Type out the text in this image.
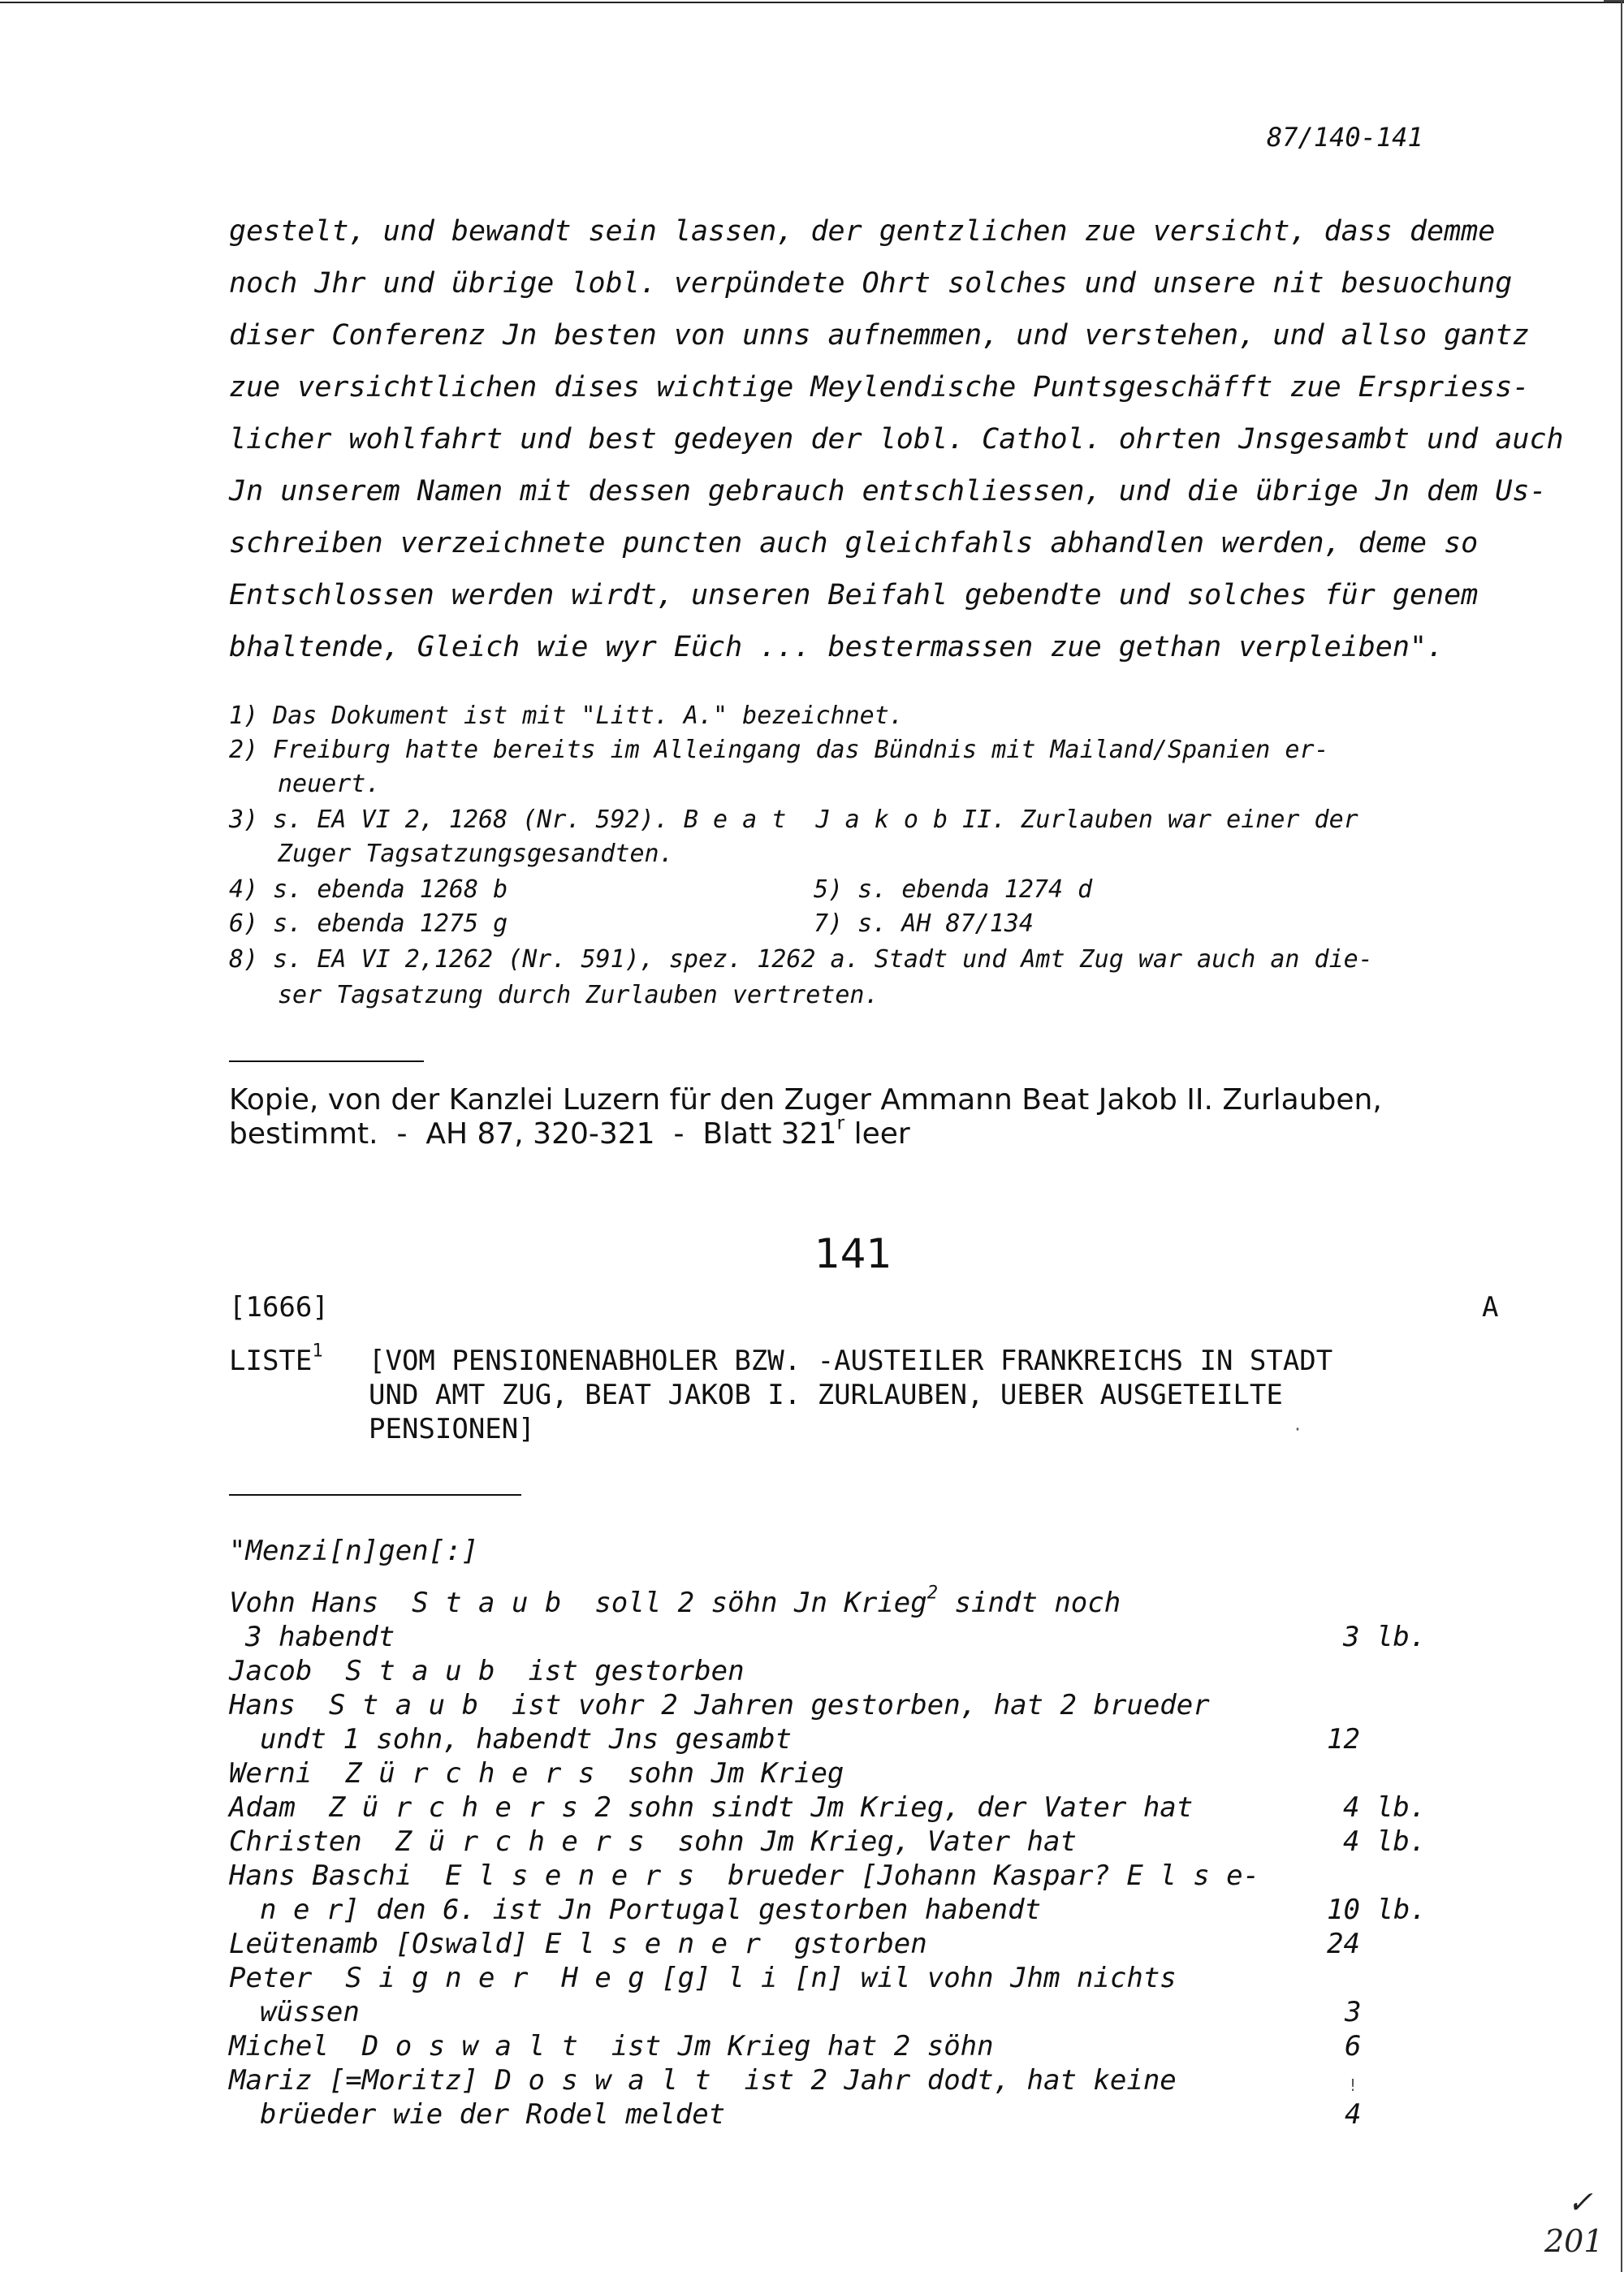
87/140-141
gestelt, und bewandt sein lassen, der gentzlichen zue versicht, dass demme
noch Jhr und übrige lobl. verpündete Ohrt solches und unsere nit besuochung
diser Conferenz Jn besten von unns aufnemmen, und verstehen, und allso gantz
zue versichtlichen dises wichtige Meylendische Puntsgeschäfft zue Erspriess-
licher wohlfahrt und best gedeyen der lobl. Cathol. ohrten Jnsgesambt und auch
Jn unserem Namen mit dessen gebrauch entschliessen, und die übrige Jn dem Us-
schreiben verzeichnete puncten auch gleichfahls abhandlen werden, deme so
Entschlossen werden wirdt, unseren Beifahl gebendte und solches für genem
bhaltende, Gleich wie wyr Eüch ... bestermassen zue gethan verpleiben".
1) Das Dokument ist mit "Litt. A." bezeichnet.
2) Freiburg hatte bereits im Alleingang das Bündnis mit Mailand/Spanien er-
neuert.
3) s. EA VI 2, 1268 (Nr. 592). B e a t  J a k o b II. Zurlauben war einer der
Zuger Tagsatzungsgesandten.
4) s. ebenda 1268 b	5) s. ebenda 1274 d
6) s. ebenda 1275 g	7) s. AH 87/134
8) s. EA VI 2,1262 (Nr. 591), spez. 1262 a. Stadt und Amt Zug war auch an die-
ser Tagsatzung durch Zurlauben vertreten.
Kopie, von der Kanzlei Luzern für den Zuger Ammann Beat Jakob II. Zurlauben,
bestimmt.  -  AH 87, 320-321  -  Blatt 321$^r$ leer
141
[1666]	A
LISTE$^1$ [VOM PENSIONENABHOLER BZW. -AUSTEILER FRANKREICHS IN STADT
UND AMT ZUG, BEAT JAKOB I. ZURLAUBEN, UEBER AUSGETEILTE
PENSIONEN]	·
"Menzi[n]gen[:]
Vohn Hans  S t a u b  soll 2 söhn Jn Krieg$^2$ sindt noch
3 habendt	3 lb.
Jacob  S t a u b  ist gestorben
Hans  S t a u b  ist vohr 2 Jahren gestorben, hat 2 brueder
undt 1 sohn, habendt Jns gesambt	12
Werni  Z ü r c h e r s  sohn Jm Krieg
Adam  Z ü r c h e r s 2 sohn sindt Jm Krieg, der Vater hat	4 lb.
Christen  Z ü r c h e r s  sohn Jm Krieg, Vater hat	4 lb.
Hans Baschi  E l s e n e r s  brueder [Johann Kaspar? E l s e-
n e r] den 6. ist Jn Portugal gestorben habendt	10 lb.
Leütenamb [Oswald] E l s e n e r  gstorben	24
Peter  S i g n e r  H e g [g] l i [n] wil vohn Jhm nichts
wüssen	3
Michel  D o s w a l t  ist Jm Krieg hat 2 söhn	6
Mariz [=Moritz] D o s w a l t  ist 2 Jahr dodt, hat keine
brüeder wie der Rodel meldet	4
!
✓
201
